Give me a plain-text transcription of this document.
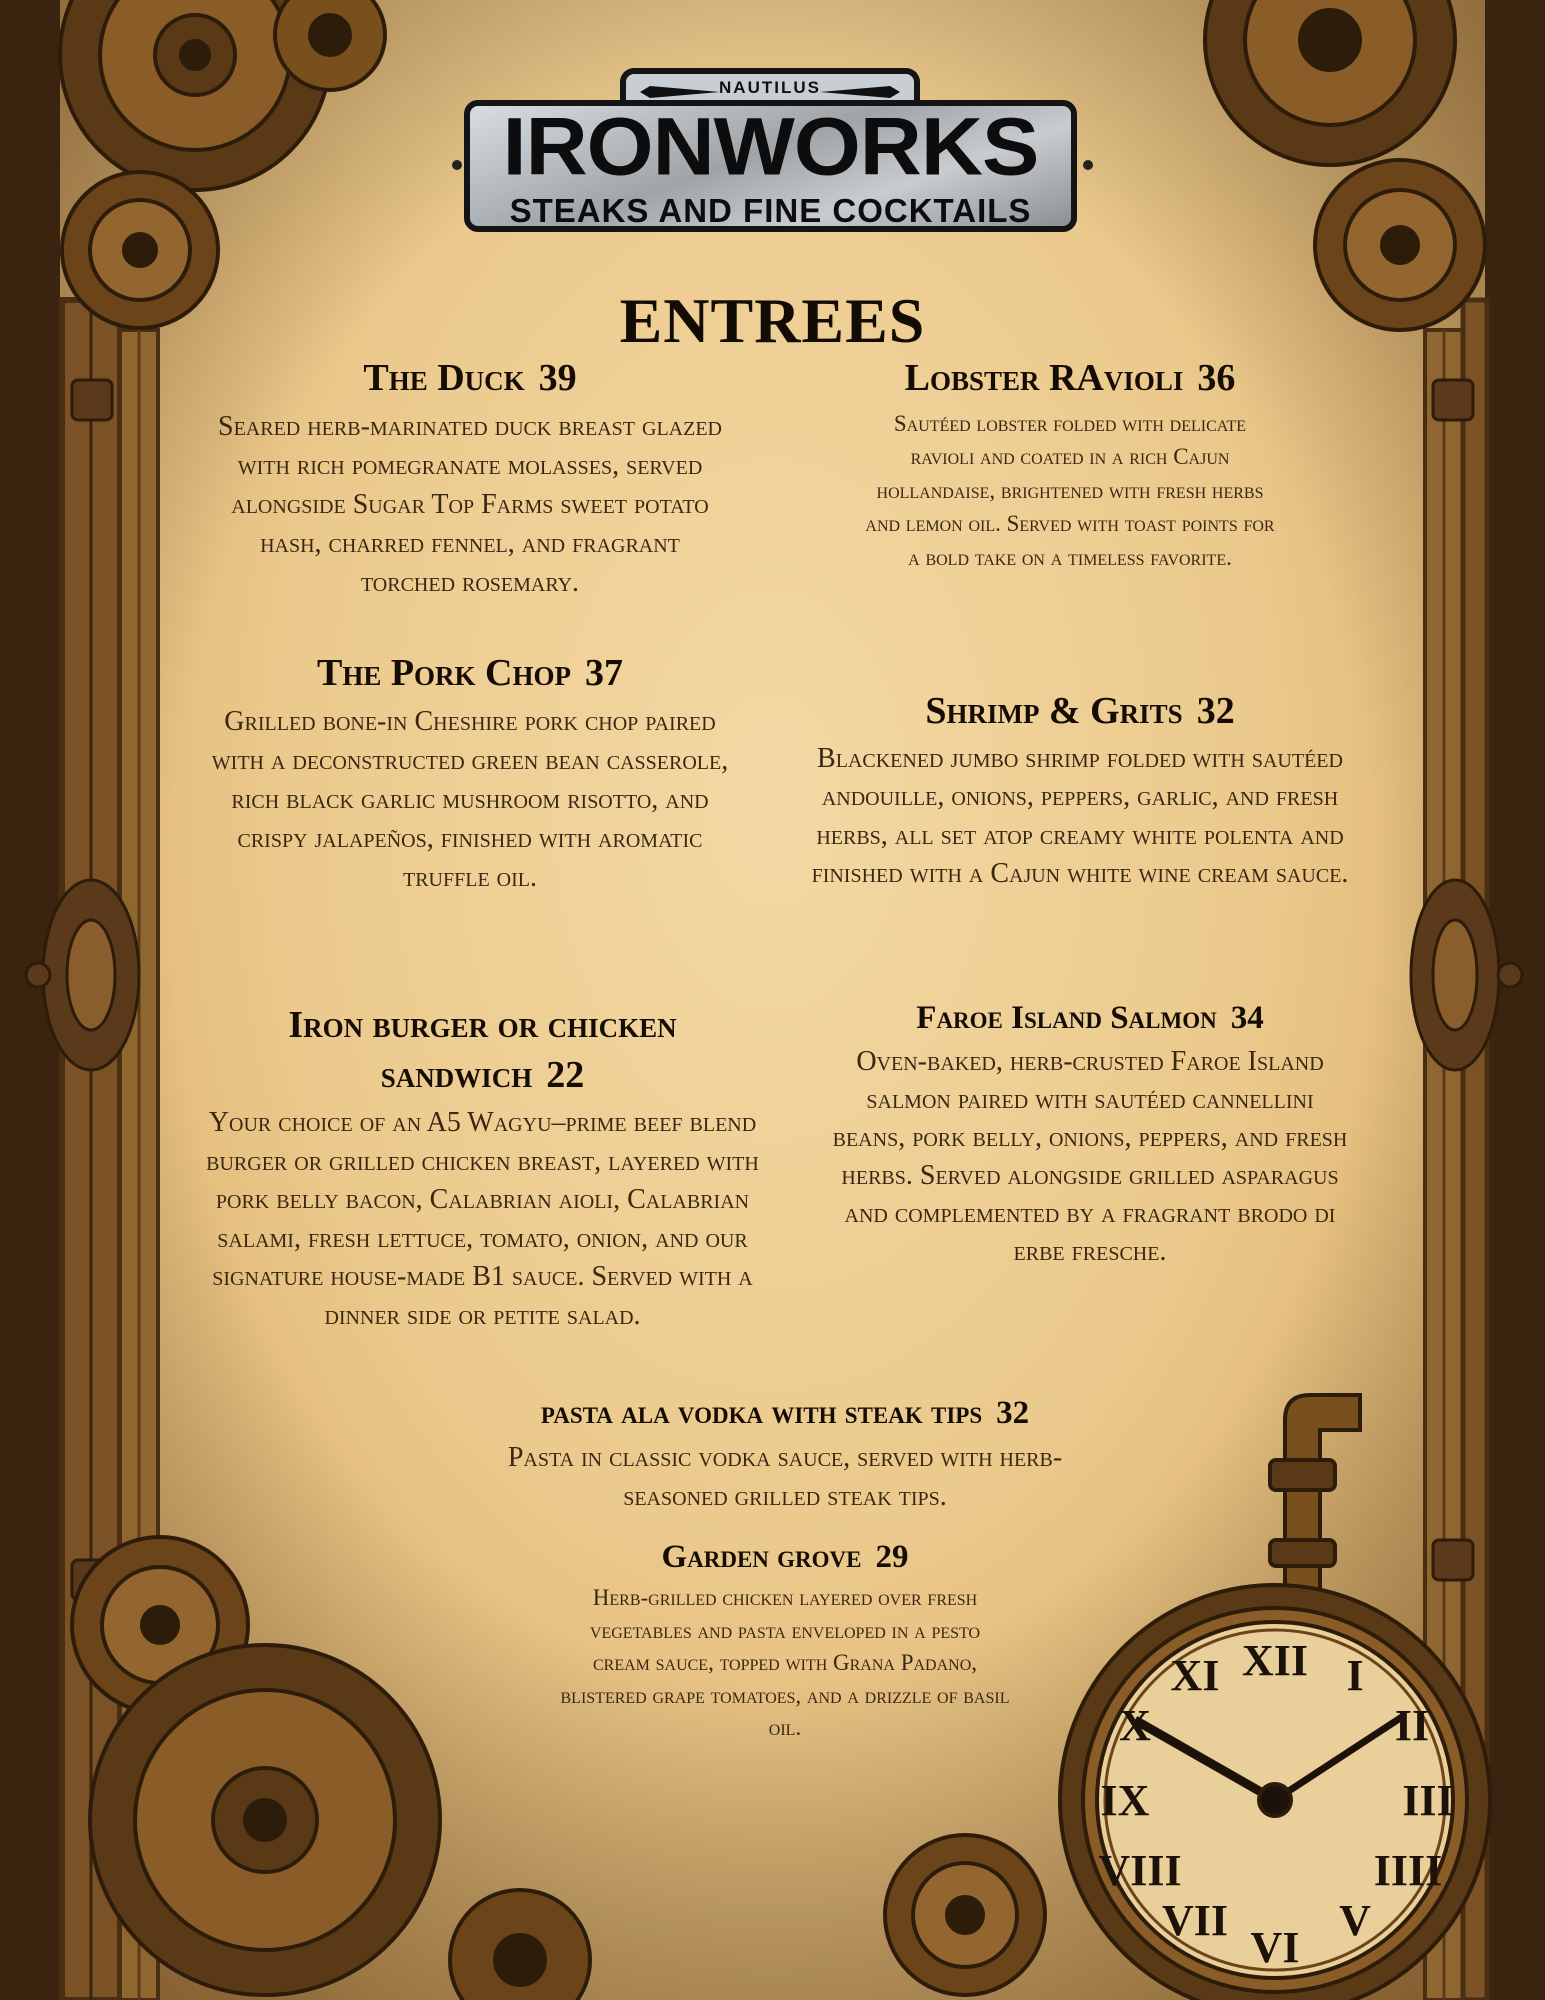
XII I
II
III
IIII
V
VI
VII
VIII
IX
X
XI
NAUTILUS
IRONWORKS
STEAKS AND FINE COCKTAILS
ENTREES
The Duck 39
Seared herb-marinated duck breast glazed with rich pomegranate molasses, served alongside Sugar Top Farms sweet potato hash, charred fennel, and fragrant torched rosemary.
The Pork Chop 37
Grilled bone-in Cheshire pork chop paired with a deconstructed green bean casserole, rich black garlic mushroom risotto, and crispy jalapeños, finished with aromatic truffle oil.
Iron burger or chicken sandwich 22
Your choice of an A5 Wagyu–prime beef blend burger or grilled chicken breast, layered with pork belly bacon, Calabrian aioli, Calabrian salami, fresh lettuce, tomato, onion, and our signature house-made B1 sauce. Served with a dinner side or petite salad.
Lobster RAvioli 36
Sautéed lobster folded with delicate ravioli and coated in a rich Cajun hollandaise, brightened with fresh herbs and lemon oil. Served with toast points for a bold take on a timeless favorite.
Shrimp & Grits 32
Blackened jumbo shrimp folded with sautéed andouille, onions, peppers, garlic, and fresh herbs, all set atop creamy white polenta and finished with a Cajun white wine cream sauce.
Faroe Island Salmon 34
Oven-baked, herb-crusted Faroe Island salmon paired with sautéed cannellini beans, pork belly, onions, peppers, and fresh herbs. Served alongside grilled asparagus and complemented by a fragrant brodo di erbe fresche.
pasta ala vodka with steak tips 32
Pasta in classic vodka sauce, served with herb-seasoned grilled steak tips.
Garden grove 29
Herb-grilled chicken layered over fresh vegetables and pasta enveloped in a pesto cream sauce, topped with Grana Padano, blistered grape tomatoes, and a drizzle of basil oil.
